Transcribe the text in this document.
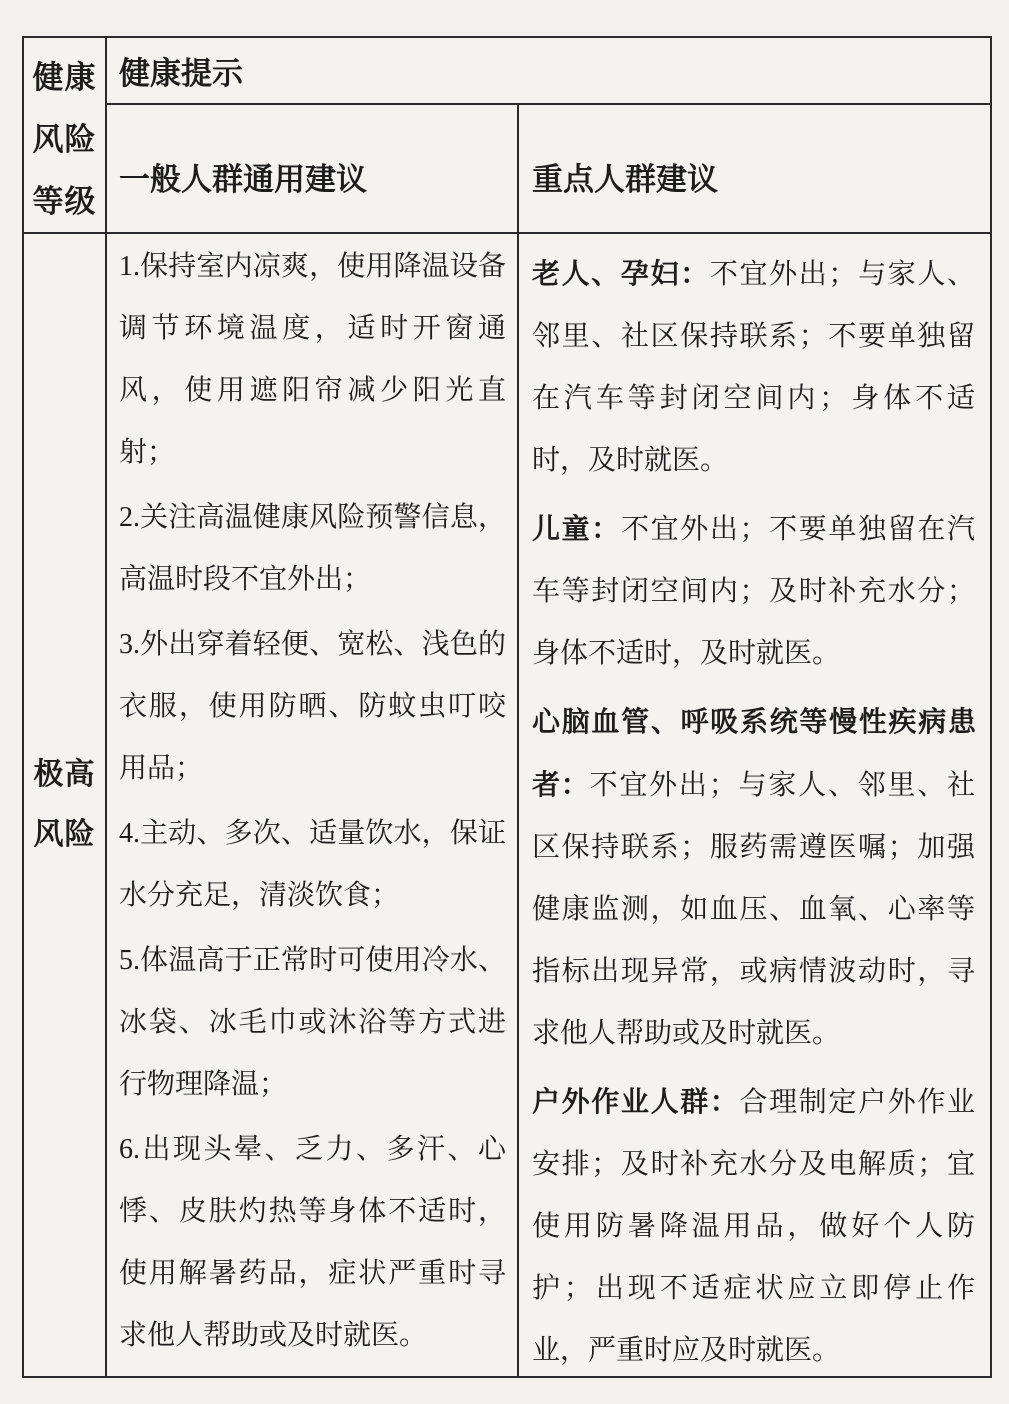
健康
风险
等级
健康提示
一般人群通用建议	重点人群建议
极高
风险

1.保持室内凉爽，使用降温设备调节环境温度，适时开窗通风，使用遮阳帘减少阳光直射；

2.关注高温健康风险预警信息，高温时段不宜外出；

3.外出穿着轻便、宽松、浅色的衣服，使用防晒、防蚊虫叮咬用品；

4.主动、多次、适量饮水，保证水分充足，清淡饮食；

5.体温高于正常时可使用冷水、冰袋、冰毛巾或沐浴等方式进行物理降温；

6.出现头晕、乏力、多汗、心悸、皮肤灼热等身体不适时，使用解暑药品，症状严重时寻求他人帮助或及时就医。

老人、孕妇：不宜外出；与家人、邻里、社区保持联系；不要单独留在汽车等封闭空间内；身体不适时，及时就医。

儿童：不宜外出；不要单独留在汽车等封闭空间内；及时补充水分；身体不适时，及时就医。

心脑血管、呼吸系统等慢性疾病患者：不宜外出；与家人、邻里、社区保持联系；服药需遵医嘱；加强健康监测，如血压、血氧、心率等指标出现异常，或病情波动时，寻求他人帮助或及时就医。

户外作业人群：合理制定户外作业安排；及时补充水分及电解质；宜使用防暑降温用品，做好个人防护；出现不适症状应立即停止作业，严重时应及时就医。
